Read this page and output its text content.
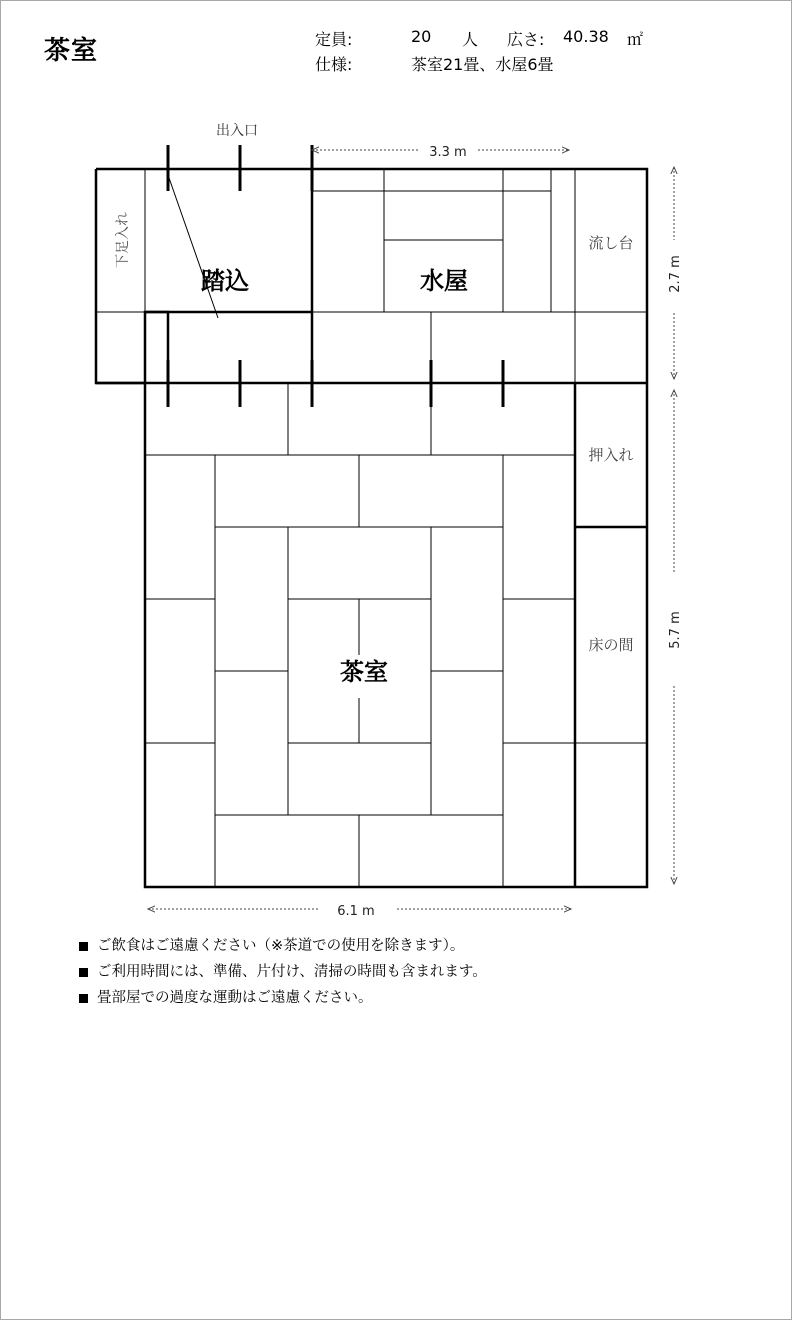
茶室	定員:	20 人 広さ: 40.38 ㎡
仕様:	茶室21畳、水屋6畳
出入口
3.3 m
6.1 m
2.7 m
5.7 m
下足入れ	流し台
押入れ
床の間
踏込	水屋
茶室
ご飲食はご遠慮ください（※茶道での使用を除きます）。
ご利用時間には、準備、片付け、清掃の時間も含まれます。
畳部屋での過度な運動はご遠慮ください。
